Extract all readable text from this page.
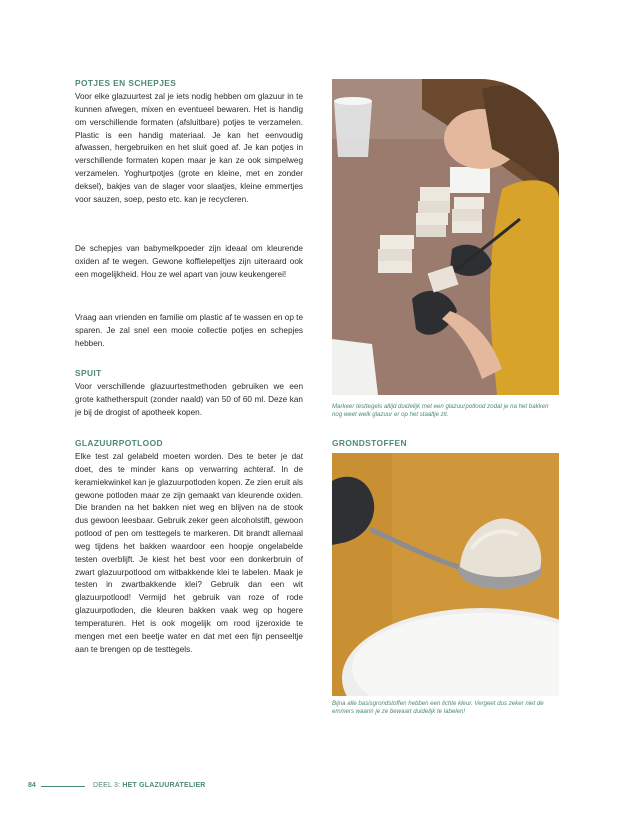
POTJES EN SCHEPJES

Voor elke glazuurtest zal je iets nodig hebben om glazuur in te kunnen afwegen, mixen en eventueel bewaren. Het is handig om verschillende formaten (afsluitbare) potjes te verzamelen. Plastic is een handig materiaal. Je kan het eenvoudig afwassen, hergebruiken en het sluit goed af. Je kan potjes in verschillende formaten kopen maar je kan ze ook simpelweg verzamelen. Yoghurtpotjes (grote en kleine, met en zonder deksel), bakjes van de slager voor slaatjes, kleine emmertjes voor sauzen, soep, pesto etc. kan je recycleren.

De schepjes van babymelkpoeder zijn ideaal om kleurende oxiden af te wegen. Gewone koffielepeltjes zijn uiteraard ook een mogelijkheid. Hou ze wel apart van jouw keukengerei!

Vraag aan vrienden en familie om plastic af te wassen en op te sparen. Je zal snel een mooie collectie potjes en schepjes hebben.

SPUIT

Voor verschillende glazuurtestmethoden gebruiken we een grote kathetherspuit (zonder naald) van 50 of 60 ml. Deze kan je bij de drogist of apotheek kopen.

GLAZUURPOTLOOD

Elke test zal gelabeld moeten worden. Des te beter je dat doet, des te minder kans op verwarring achteraf. In de keramiekwinkel kan je glazuurpotloden kopen. Ze zien eruit als gewone potloden maar ze zijn gemaakt van kleurende oxiden. Die branden na het bakken niet weg en blijven na de stook dus gewoon leesbaar. Gebruik zeker geen alcoholstift, gewoon potlood of pen om testtegels te markeren. Dit brandt allemaal weg tijdens het bakken waardoor een hoopje ongelabelde testen overblijft. Je kiest het best voor een donkerbruin of zwart glazuurpotlood om witbakkende klei te labelen. Maak je testen in zwartbakkende klei? Gebruik dan een wit glazuurpotlood! Vermijd het gebruik van roze of rode glazuurpotloden, die kleuren bakken vaak weg op hogere temperaturen. Het is ook mogelijk om rood ijzeroxide te mengen met een beetje water en dat met een fijn penseeltje aan te brengen op de testtegels.

Markeer testtegels altijd duidelijk met een glazuurpotlood zodat je na het bakken nog weet welk glazuur er op het staaltje zit.
GRONDSTOFFEN
Bijna alle basisgrondstoffen hebben een lichte kleur. Vergeet dus zeker niet de emmers waarin je ze bewaart duidelijk te labelen!
84	DEEL 3: HET GLAZUURATELIER
